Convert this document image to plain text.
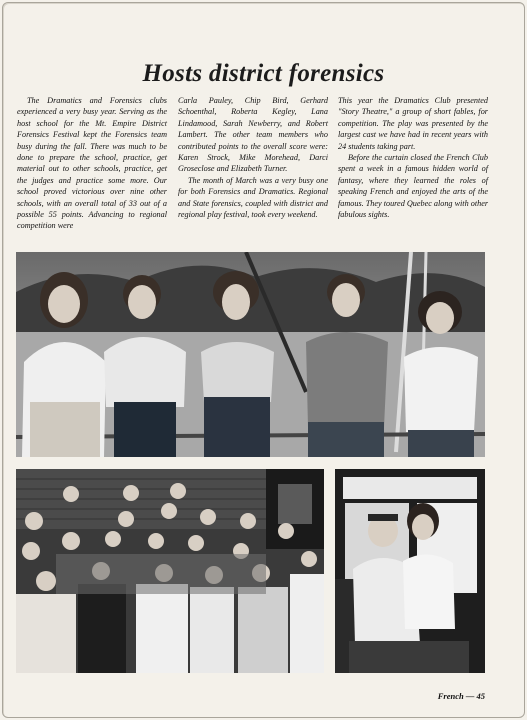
Hosts district forensics

The Dramatics and Forensics clubs experienced a very busy year. Serving as the host school for the Mt. Empire District Forensics Festival kept the Forensics team busy during the fall. There was much to be done to prepare the school, practice, get material out to other schools, practice, get the judges and practice some more. Our school proved victorious over nine other schools, with an overall total of 33 out of a possible 55 points. Advancing to regional competition were

Carla Pauley, Chip Bird, Gerhard Schoenthal, Roberta Kegley, Lana Lindamood, Sarah Newberry, and Robert Lambert. The other team members who contributed points to the overall score were: Karen Strock, Mike Morehead, Darci Groseclose and Elizabeth Turner.

The month of March was a very busy one for both Forensics and Dramatics. Regional and State forensics, coupled with district and regional play festival, took every weekend.

This year the Dramatics Club presented "Story Theatre," a group of short fables, for competition. The play was presented by the largest cast we have had in recent years with 24 students taking part.

Before the curtain closed the French Club spent a week in a famous hidden world of fantasy, where they learned the roles of speaking French and enjoyed the arts of the famous. They toured Quebec along with other fabulous sights.

French — 45
